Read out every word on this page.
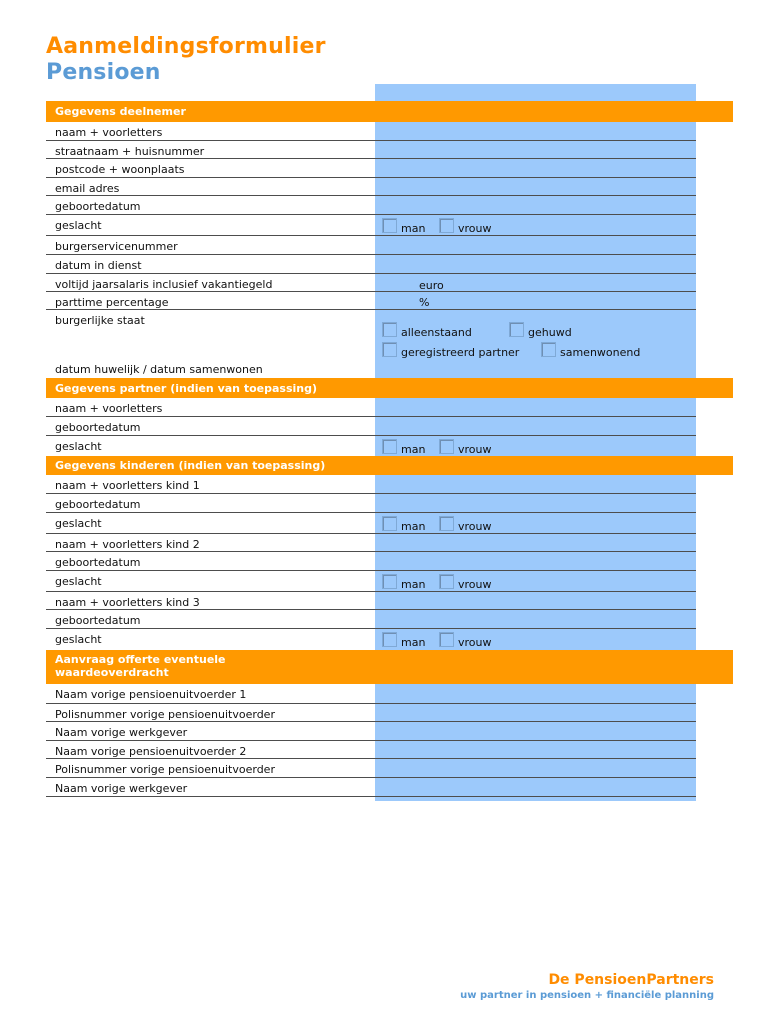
Aanmeldingsformulier
Pensioen
Gegevens deelnemer
naam + voorletters
straatnaam + huisnummer
postcode + woonplaats
email adres
geboortedatum
geslacht	man	vrouw
burgerservicenummer
datum in dienst
voltijd jaarsalaris inclusief vakantiegeld	euro
parttime percentage	%
burgerlijke staat
alleenstaand	gehuwd
geregistreerd partner	samenwonend
datum huwelijk / datum samenwonen
Gegevens partner (indien van toepassing)
naam + voorletters
geboortedatum
geslacht	man	vrouw
Gegevens kinderen (indien van toepassing)
naam + voorletters kind 1
geboortedatum
geslacht	man	vrouw
naam + voorletters kind 2
geboortedatum
geslacht	man	vrouw
naam + voorletters kind 3
geboortedatum
geslacht	man	vrouw
Aanvraag offerte eventuele
waardeoverdracht
Naam vorige pensioenuitvoerder 1
Polisnummer vorige pensioenuitvoerder
Naam vorige werkgever
Naam vorige pensioenuitvoerder 2
Polisnummer vorige pensioenuitvoerder
Naam vorige werkgever

De PensioenPartners

uw partner in pensioen + financiële planning
